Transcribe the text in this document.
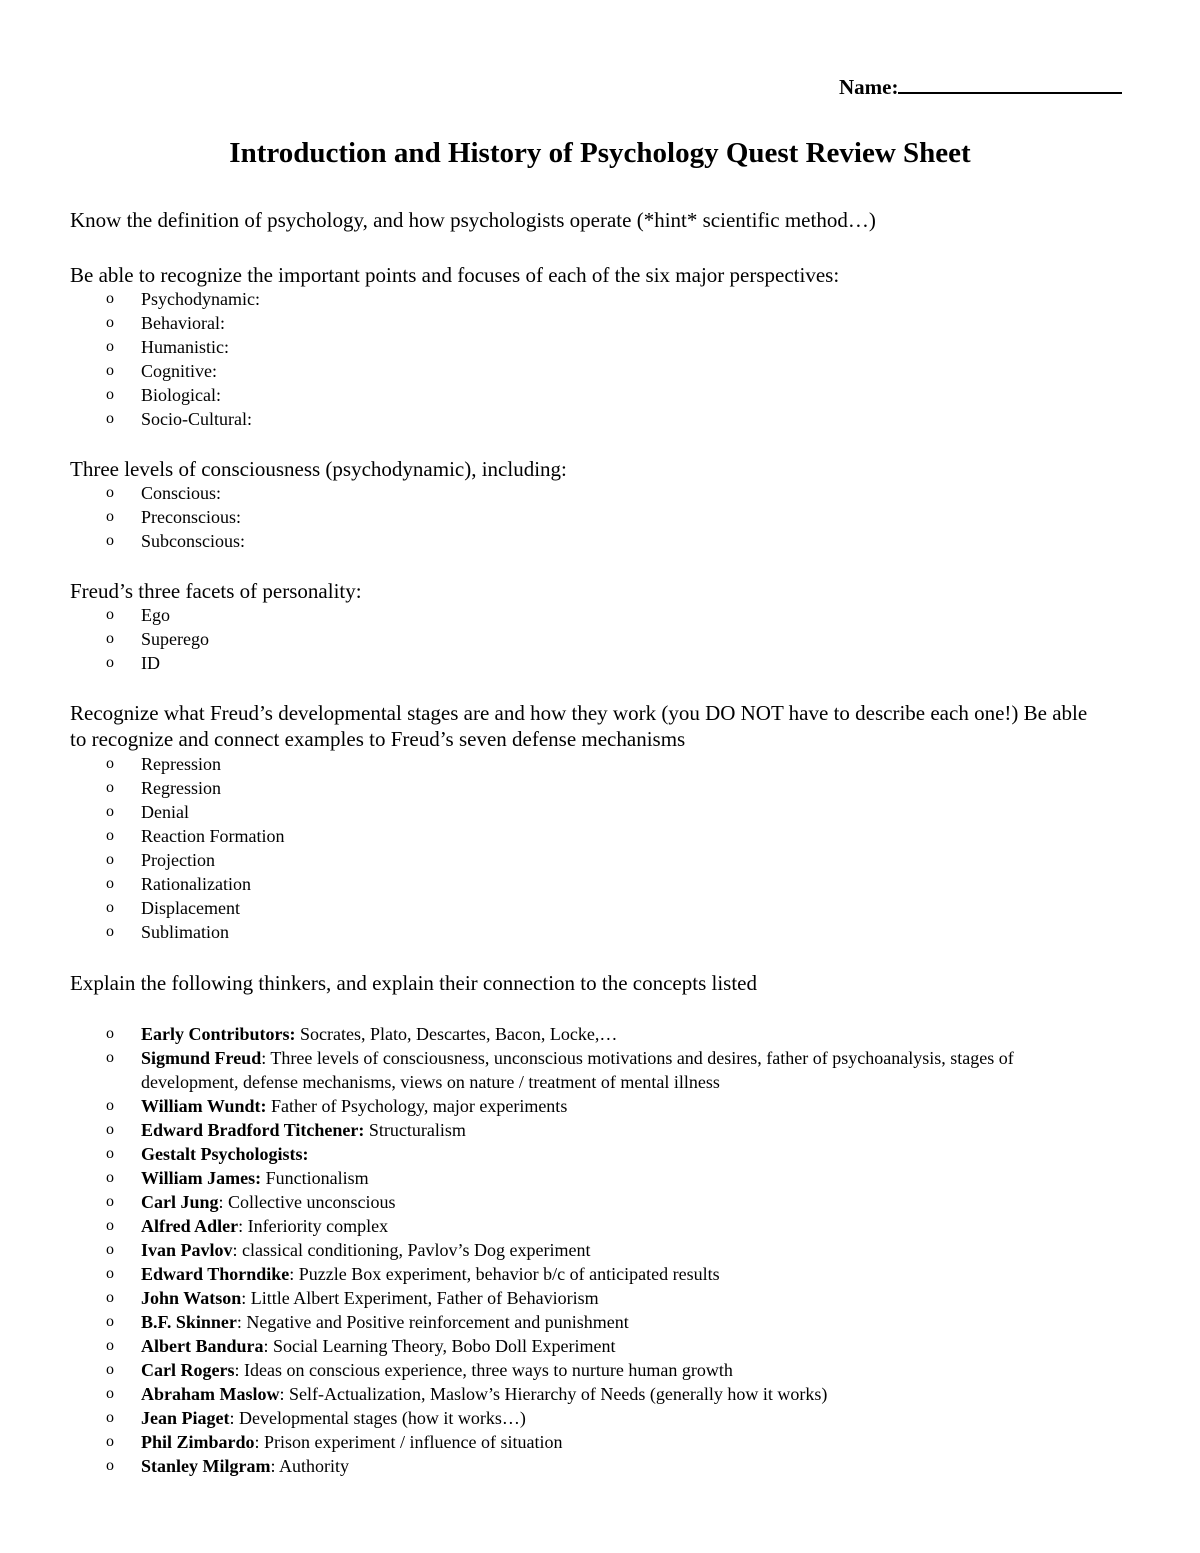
Name:
Introduction and History of Psychology Quest Review Sheet
Know the definition of psychology, and how psychologists operate (*hint* scientific method…)
Be able to recognize the important points and focuses of each of the six major perspectives:
o Psychodynamic:
o Behavioral:
o Humanistic:
o Cognitive:
o Biological:
o Socio-Cultural:
Three levels of consciousness (psychodynamic), including:
o Conscious:
o Preconscious:
o Subconscious:
Freud’s three facets of personality:
o Ego
o Superego
o ID
Recognize what Freud’s developmental stages are and how they work (you DO NOT have to describe each one!) Be able to recognize and connect examples to Freud’s seven defense mechanisms
o Repression
o Regression
o Denial
o Reaction Formation
o Projection
o Rationalization
o Displacement
o Sublimation
Explain the following thinkers, and explain their connection to the concepts listed
o Early Contributors: Socrates, Plato, Descartes, Bacon, Locke,…
o Sigmund Freud: Three levels of consciousness, unconscious motivations and desires, father of psychoanalysis, stages of development, defense mechanisms, views on nature / treatment of mental illness
o William Wundt: Father of Psychology, major experiments
o Edward Bradford Titchener: Structuralism
o Gestalt Psychologists:
o William James: Functionalism
o Carl Jung: Collective unconscious
o Alfred Adler: Inferiority complex
o Ivan Pavlov: classical conditioning, Pavlov’s Dog experiment
o Edward Thorndike: Puzzle Box experiment, behavior b/c of anticipated results
o John Watson: Little Albert Experiment, Father of Behaviorism
o B.F. Skinner: Negative and Positive reinforcement and punishment
o Albert Bandura: Social Learning Theory, Bobo Doll Experiment
o Carl Rogers: Ideas on conscious experience, three ways to nurture human growth
o Abraham Maslow: Self-Actualization, Maslow’s Hierarchy of Needs (generally how it works)
o Jean Piaget: Developmental stages (how it works…)
o Phil Zimbardo: Prison experiment / influence of situation
o Stanley Milgram: Authority
